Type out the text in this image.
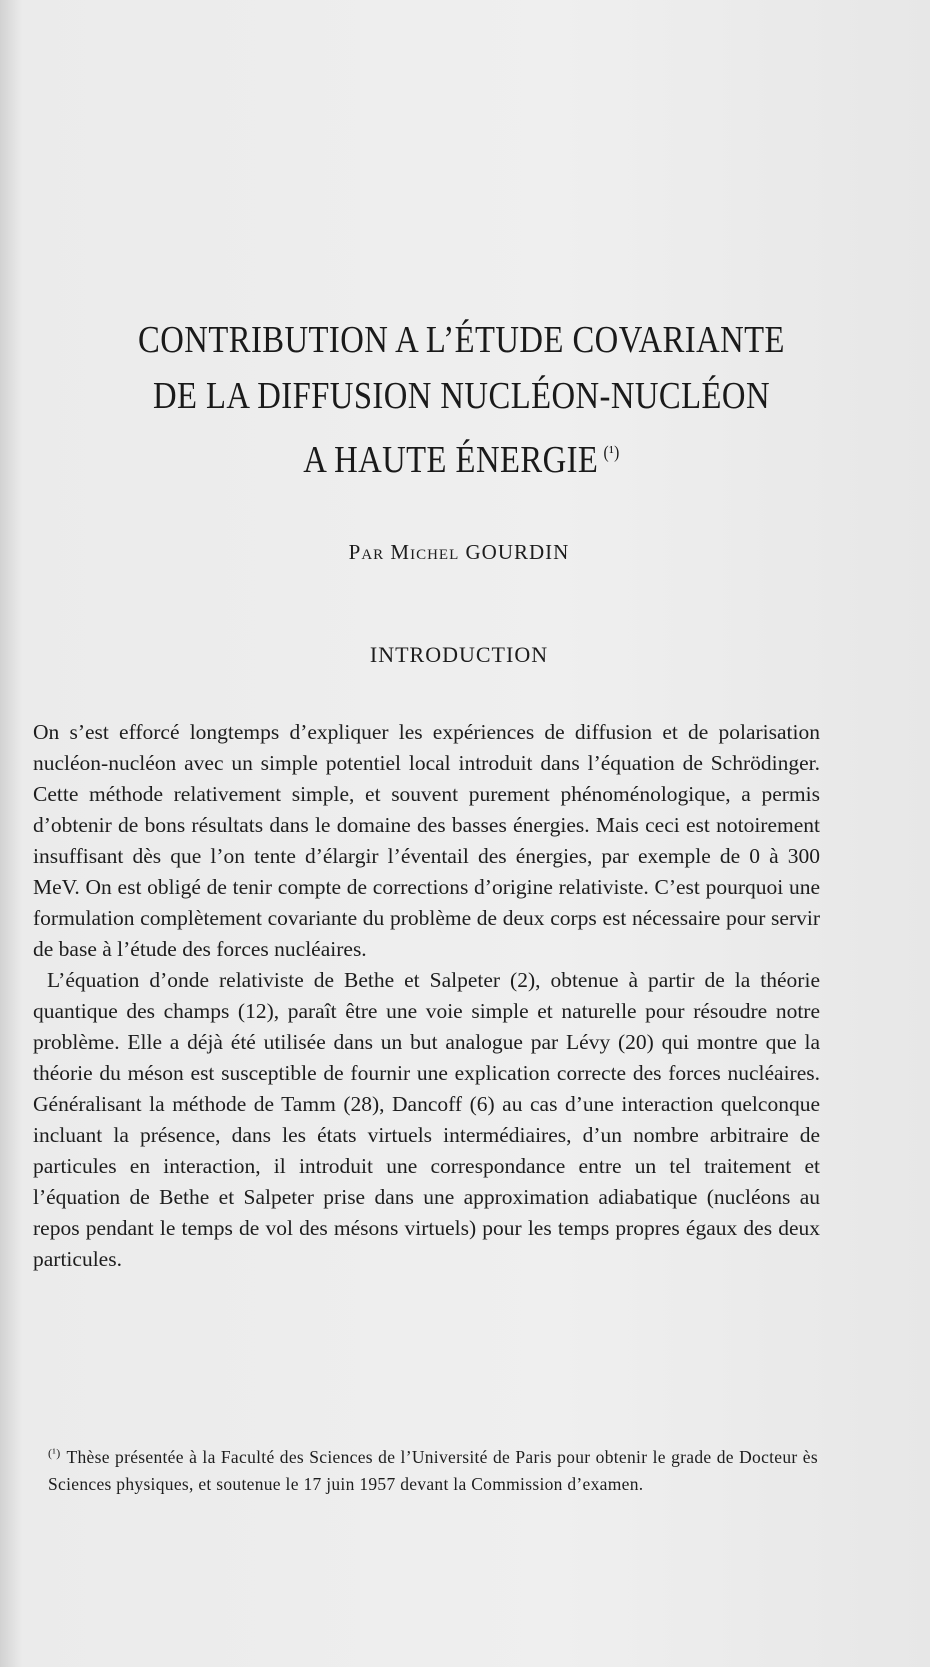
CONTRIBUTION A L’ÉTUDE COVARIANTE
DE LA DIFFUSION NUCLÉON-NUCLÉON
A HAUTE ÉNERGIE $^{(^1)}$
Par Michel GOURDIN
INTRODUCTION

On s’est efforcé longtemps d’expliquer les expériences de diffusion et de polarisation nucléon-nucléon avec un simple potentiel local introduit dans l’équation de Schrödinger. Cette méthode relativement simple, et souvent purement phénoménologique, a permis d’obtenir de bons résultats dans le domaine des basses énergies. Mais ceci est notoirement insuffisant dès que l’on tente d’élargir l’éventail des énergies, par exemple de 0 à 300 MeV. On est obligé de tenir compte de corrections d’origine relativiste. C’est pourquoi une formulation complètement covariante du problème de deux corps est nécessaire pour servir de base à l’étude des forces nucléaires.

L’équation d’onde relativiste de Bethe et Salpeter (2), obtenue à partir de la théorie quantique des champs (12), paraît être une voie simple et naturelle pour résoudre notre problème. Elle a déjà été utilisée dans un but analogue par Lévy (20) qui montre que la théorie du méson est susceptible de fournir une explication correcte des forces nucléaires. Généralisant la méthode de Tamm (28), Dancoff (6) au cas d’une interaction quelconque incluant la présence, dans les états virtuels intermédiaires, d’un nombre arbitraire de particules en interaction, il introduit une correspondance entre un tel traitement et l’équation de Bethe et Salpeter prise dans une approximation adiabatique (nucléons au repos pendant le temps de vol des mésons virtuels) pour les temps propres égaux des deux particules.

$^{(^1)}$ Thèse présentée à la Faculté des Sciences de l’Université de Paris pour obtenir le grade de Docteur ès Sciences physiques, et soutenue le 17 juin 1957 devant la Commission d’examen.
